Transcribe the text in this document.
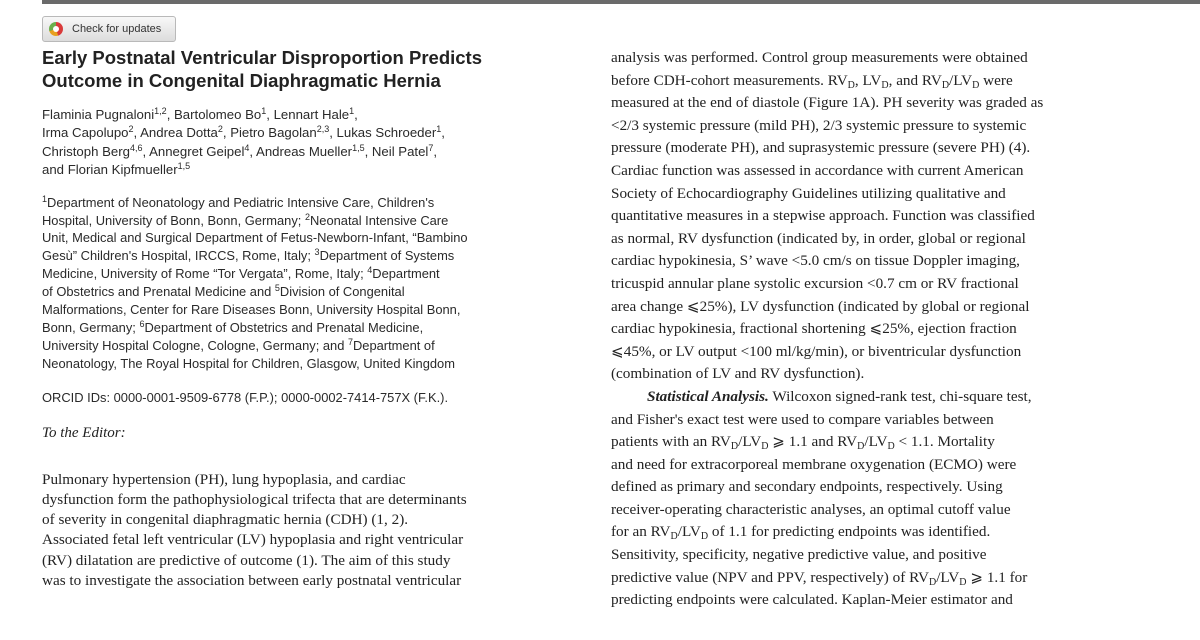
Check for updates
Early Postnatal Ventricular Disproportion Predicts
Outcome in Congenital Diaphragmatic Hernia
Flaminia Pugnaloni$^{1,2}$, Bartolomeo Bo$^1$, Lennart Hale$^1$,
Irma Capolupo$^2$, Andrea Dotta$^2$, Pietro Bagolan$^{2,3}$, Lukas Schroeder$^1$,
Christoph Berg$^{4,6}$, Annegret Geipel$^4$, Andreas Mueller$^{1,5}$, Neil Patel$^7$,
and Florian Kipfmueller$^{1,5}$
$^1$Department of Neonatology and Pediatric Intensive Care, Children's
Hospital, University of Bonn, Bonn, Germany; $^2$Neonatal Intensive Care
Unit, Medical and Surgical Department of Fetus-Newborn-Infant, “Bambino
Gesù” Children's Hospital, IRCCS, Rome, Italy; $^3$Department of Systems
Medicine, University of Rome “Tor Vergata”, Rome, Italy; $^4$Department
of Obstetrics and Prenatal Medicine and $^5$Division of Congenital
Malformations, Center for Rare Diseases Bonn, University Hospital Bonn,
Bonn, Germany; $^6$Department of Obstetrics and Prenatal Medicine,
University Hospital Cologne, Cologne, Germany; and $^7$Department of
Neonatology, The Royal Hospital for Children, Glasgow, United Kingdom
ORCID IDs: 0000-0001-9509-6778 (F.P.); 0000-0002-7414-757X (F.K.).
To the Editor:
Pulmonary hypertension (PH), lung hypoplasia, and cardiac
dysfunction form the pathophysiological trifecta that are determinants
of severity in congenital diaphragmatic hernia (CDH) (1, 2).
Associated fetal left ventricular (LV) hypoplasia and right ventricular
(RV) dilatation are predictive of outcome (1). The aim of this study
was to investigate the association between early postnatal ventricular
analysis was performed. Control group measurements were obtained
before CDH-cohort measurements. $RV_D$, $LV_D$, and $RV_D/LV_D$ were
measured at the end of diastole (Figure 1A). PH severity was graded as
<2/3 systemic pressure (mild PH), 2/3 systemic pressure to systemic
pressure (moderate PH), and suprasystemic pressure (severe PH) (4).
Cardiac function was assessed in accordance with current American
Society of Echocardiography Guidelines utilizing qualitative and
quantitative measures in a stepwise approach. Function was classified
as normal, RV dysfunction (indicated by, in order, global or regional
cardiac hypokinesia, S’ wave <5.0 cm/s on tissue Doppler imaging,
tricuspid annular plane systolic excursion <0.7 cm or RV fractional
area change ⩽25%), LV dysfunction (indicated by global or regional
cardiac hypokinesia, fractional shortening ⩽25%, ejection fraction
⩽45%, or LV output <100 ml/kg/min), or biventricular dysfunction
(combination of LV and RV dysfunction).
Statistical Analysis. Wilcoxon signed-rank test, chi-square test,
and Fisher's exact test were used to compare variables between
patients with an $RV_D/LV_D$ ⩾ 1.1 and $RV_D/LV_D < 1.1$. Mortality
and need for extracorporeal membrane oxygenation (ECMO) were
defined as primary and secondary endpoints, respectively. Using
receiver-operating characteristic analyses, an optimal cutoff value
for an $RV_D/LV_D$ of 1.1 for predicting endpoints was identified.
Sensitivity, specificity, negative predictive value, and positive
predictive value (NPV and PPV, respectively) of $RV_D/LV_D$ ⩾ 1.1 for
predicting endpoints were calculated. Kaplan-Meier estimator and
